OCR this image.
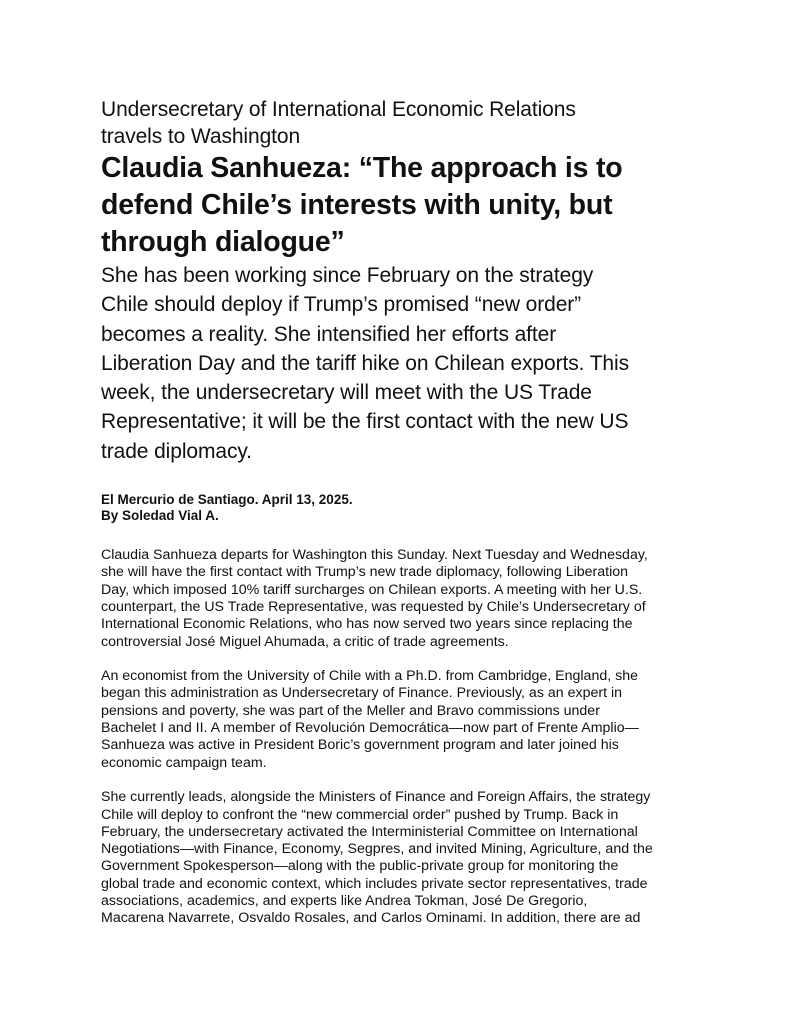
Undersecretary of International Economic Relations
travels to Washington
Claudia Sanhueza: “The approach is to
defend Chile’s interests with unity, but
through dialogue”
She has been working since February on the strategy
Chile should deploy if Trump’s promised “new order”
becomes a reality. She intensified her efforts after
Liberation Day and the tariff hike on Chilean exports. This
week, the undersecretary will meet with the US Trade
Representative; it will be the first contact with the new US
trade diplomacy.
El Mercurio de Santiago. April 13, 2025.
By Soledad Vial A.

Claudia Sanhueza departs for Washington this Sunday. Next Tuesday and Wednesday,
she will have the first contact with Trump’s new trade diplomacy, following Liberation
Day, which imposed 10% tariff surcharges on Chilean exports. A meeting with her U.S.
counterpart, the US Trade Representative, was requested by Chile’s Undersecretary of
International Economic Relations, who has now served two years since replacing the
controversial José Miguel Ahumada, a critic of trade agreements.

An economist from the University of Chile with a Ph.D. from Cambridge, England, she
began this administration as Undersecretary of Finance. Previously, as an expert in
pensions and poverty, she was part of the Meller and Bravo commissions under
Bachelet I and II. A member of Revolución Democrática—now part of Frente Amplio—
Sanhueza was active in President Boric’s government program and later joined his
economic campaign team.

She currently leads, alongside the Ministers of Finance and Foreign Affairs, the strategy
Chile will deploy to confront the “new commercial order” pushed by Trump. Back in
February, the undersecretary activated the Interministerial Committee on International
Negotiations—with Finance, Economy, Segpres, and invited Mining, Agriculture, and the
Government Spokesperson—along with the public-private group for monitoring the
global trade and economic context, which includes private sector representatives, trade
associations, academics, and experts like Andrea Tokman, José De Gregorio,
Macarena Navarrete, Osvaldo Rosales, and Carlos Ominami. In addition, there are ad
